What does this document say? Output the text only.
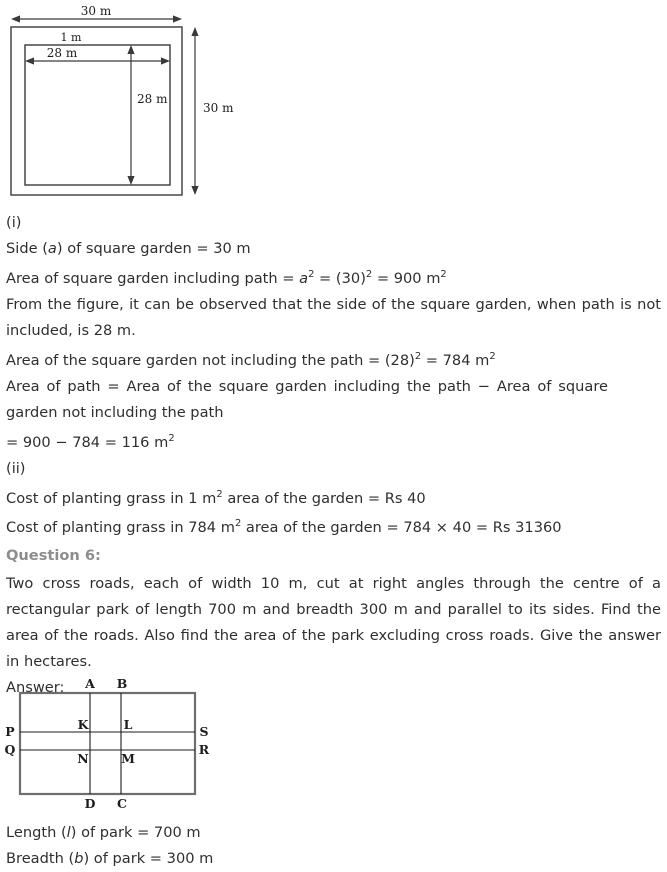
30 m
1 m
30 m
28 m
28 m
(i)
Side (a) of square garden = 30 m
Area of square garden including path = $a^2 = (30)^2 = 900$ $m^2$
From the figure, it can be observed that the side of the square garden, when path is not included, is 28 m.
Area of the square garden not including the path = $(28)^2 = 784$ $m^2$
Area of path = Area of the square garden including the path − Area of square garden not including the path
= 900 − 784 = 116 $m^2$
(ii)
Cost of planting grass in 1 $m^2$ area of the garden = Rs 40
Cost of planting grass in 784 $m^2$ area of the garden = 784 × 40 = Rs 31360
Question 6:
Two cross roads, each of width 10 m, cut at right angles through the centre of a rectangular park of length 700 m and breadth 300 m and parallel to its sides. Find the area of the roads. Also find the area of the park excluding cross roads. Give the answer in hectares.
Answer:	A B
D C
P
Q
S
R
K	L
N	M
Length (l) of park = 700 m
Breadth (b) of park = 300 m
